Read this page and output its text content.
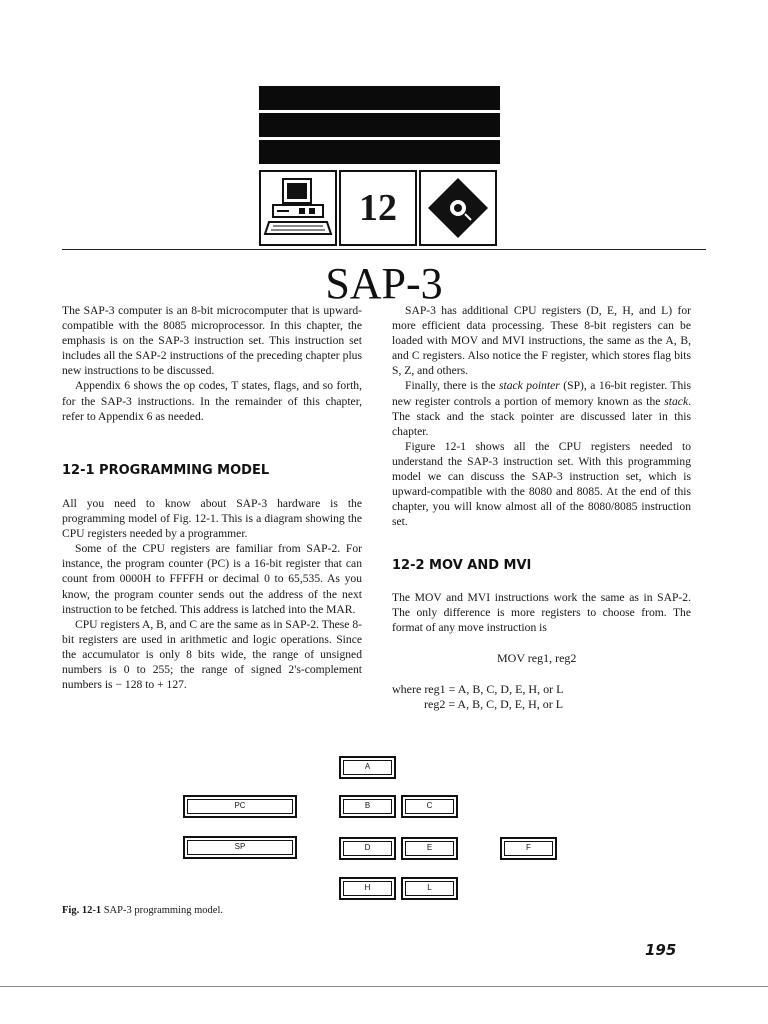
12
SAP-3

The SAP-3 computer is an 8-bit microcomputer that is upward-compatible with the 8085 microprocessor. In this chapter, the emphasis is on the SAP-3 instruction set. This instruction set includes all the SAP-2 instructions of the preceding chapter plus new instructions to be discussed.

Appendix 6 shows the op codes, T states, flags, and so forth, for the SAP-3 instructions. In the remainder of this chapter, refer to Appendix 6 as needed.

12-1 PROGRAMMING MODEL

All you need to know about SAP-3 hardware is the programming model of Fig. 12-1. This is a diagram showing the CPU registers needed by a programmer.

Some of the CPU registers are familiar from SAP-2. For instance, the program counter (PC) is a 16-bit register that can count from 0000H to FFFFH or decimal 0 to 65,535. As you know, the program counter sends out the address of the next instruction to be fetched. This address is latched into the MAR.

CPU registers A, B, and C are the same as in SAP-2. These 8-bit registers are used in arithmetic and logic operations. Since the accumulator is only 8 bits wide, the range of unsigned numbers is 0 to 255; the range of signed 2's-complement numbers is − 128 to + 127.

SAP-3 has additional CPU registers (D, E, H, and L) for more efficient data processing. These 8-bit registers can be loaded with MOV and MVI instructions, the same as the A, B, and C registers. Also notice the F register, which stores flag bits S, Z, and others.

Finally, there is the stack pointer (SP), a 16-bit register. This new register controls a portion of memory known as the stack. The stack and the stack pointer are discussed later in this chapter.

Figure 12-1 shows all the CPU registers needed to understand the SAP-3 instruction set. With this programming model we can discuss the SAP-3 instruction set, which is upward-compatible with the 8080 and 8085. At the end of this chapter, you will know almost all of the 8080/8085 instruction set.

12-2 MOV AND MVI

The MOV and MVI instructions work the same as in SAP-2. The only difference is more registers to choose from. The format of any move instruction is

MOV reg1, reg2
where reg1 = A, B, C, D, E, H, or L
reg2 = A, B, C, D, E, H, or L
A
PC	B	C
SP	D	E	F
H	L
Fig. 12-1 SAP-3 programming model.
195
